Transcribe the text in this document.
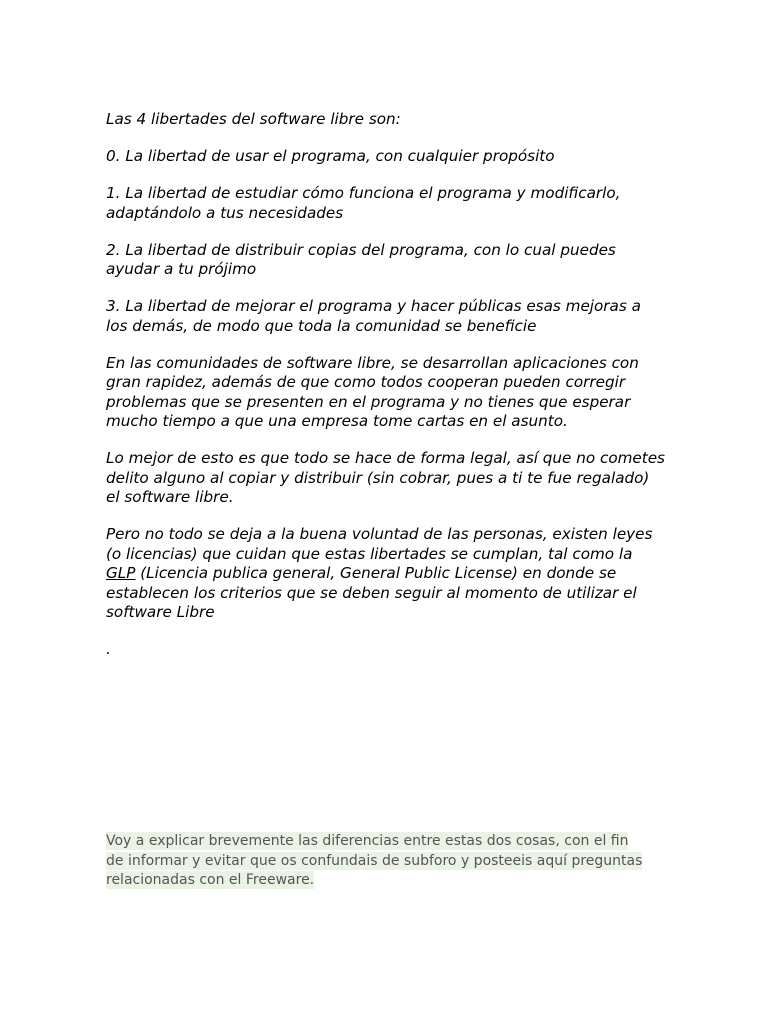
Las 4 libertades del software libre son:

0. La libertad de usar el programa, con cualquier propósito

1. La libertad de estudiar cómo funciona el programa y modificarlo, adaptándolo a tus necesidades

2. La libertad de distribuir copias del programa, con lo cual puedes ayudar a tu prójimo

3. La libertad de mejorar el programa y hacer públicas esas mejoras a los demás, de modo que toda la comunidad se beneficie

En las comunidades de software libre, se desarrollan aplicaciones con gran rapidez, además de que como todos cooperan pueden corregir problemas que se presenten en el programa y no tienes que esperar mucho tiempo a que una empresa tome cartas en el asunto.

Lo mejor de esto es que todo se hace de forma legal, así que no cometes delito alguno al copiar y distribuir (sin cobrar, pues a ti te fue regalado) el software libre.

Pero no todo se deja a la buena voluntad de las personas, existen leyes (o licencias) que cuidan que estas libertades se cumplan, tal como la GLP (Licencia publica general, General Public License) en donde se establecen los criterios que se deben seguir al momento de utilizar el software Libre

.

Voy a explicar brevemente las diferencias entre estas dos cosas, con el fin de informar y evitar que os confundais de subforo y posteeis aquí preguntas relacionadas con el Freeware.
